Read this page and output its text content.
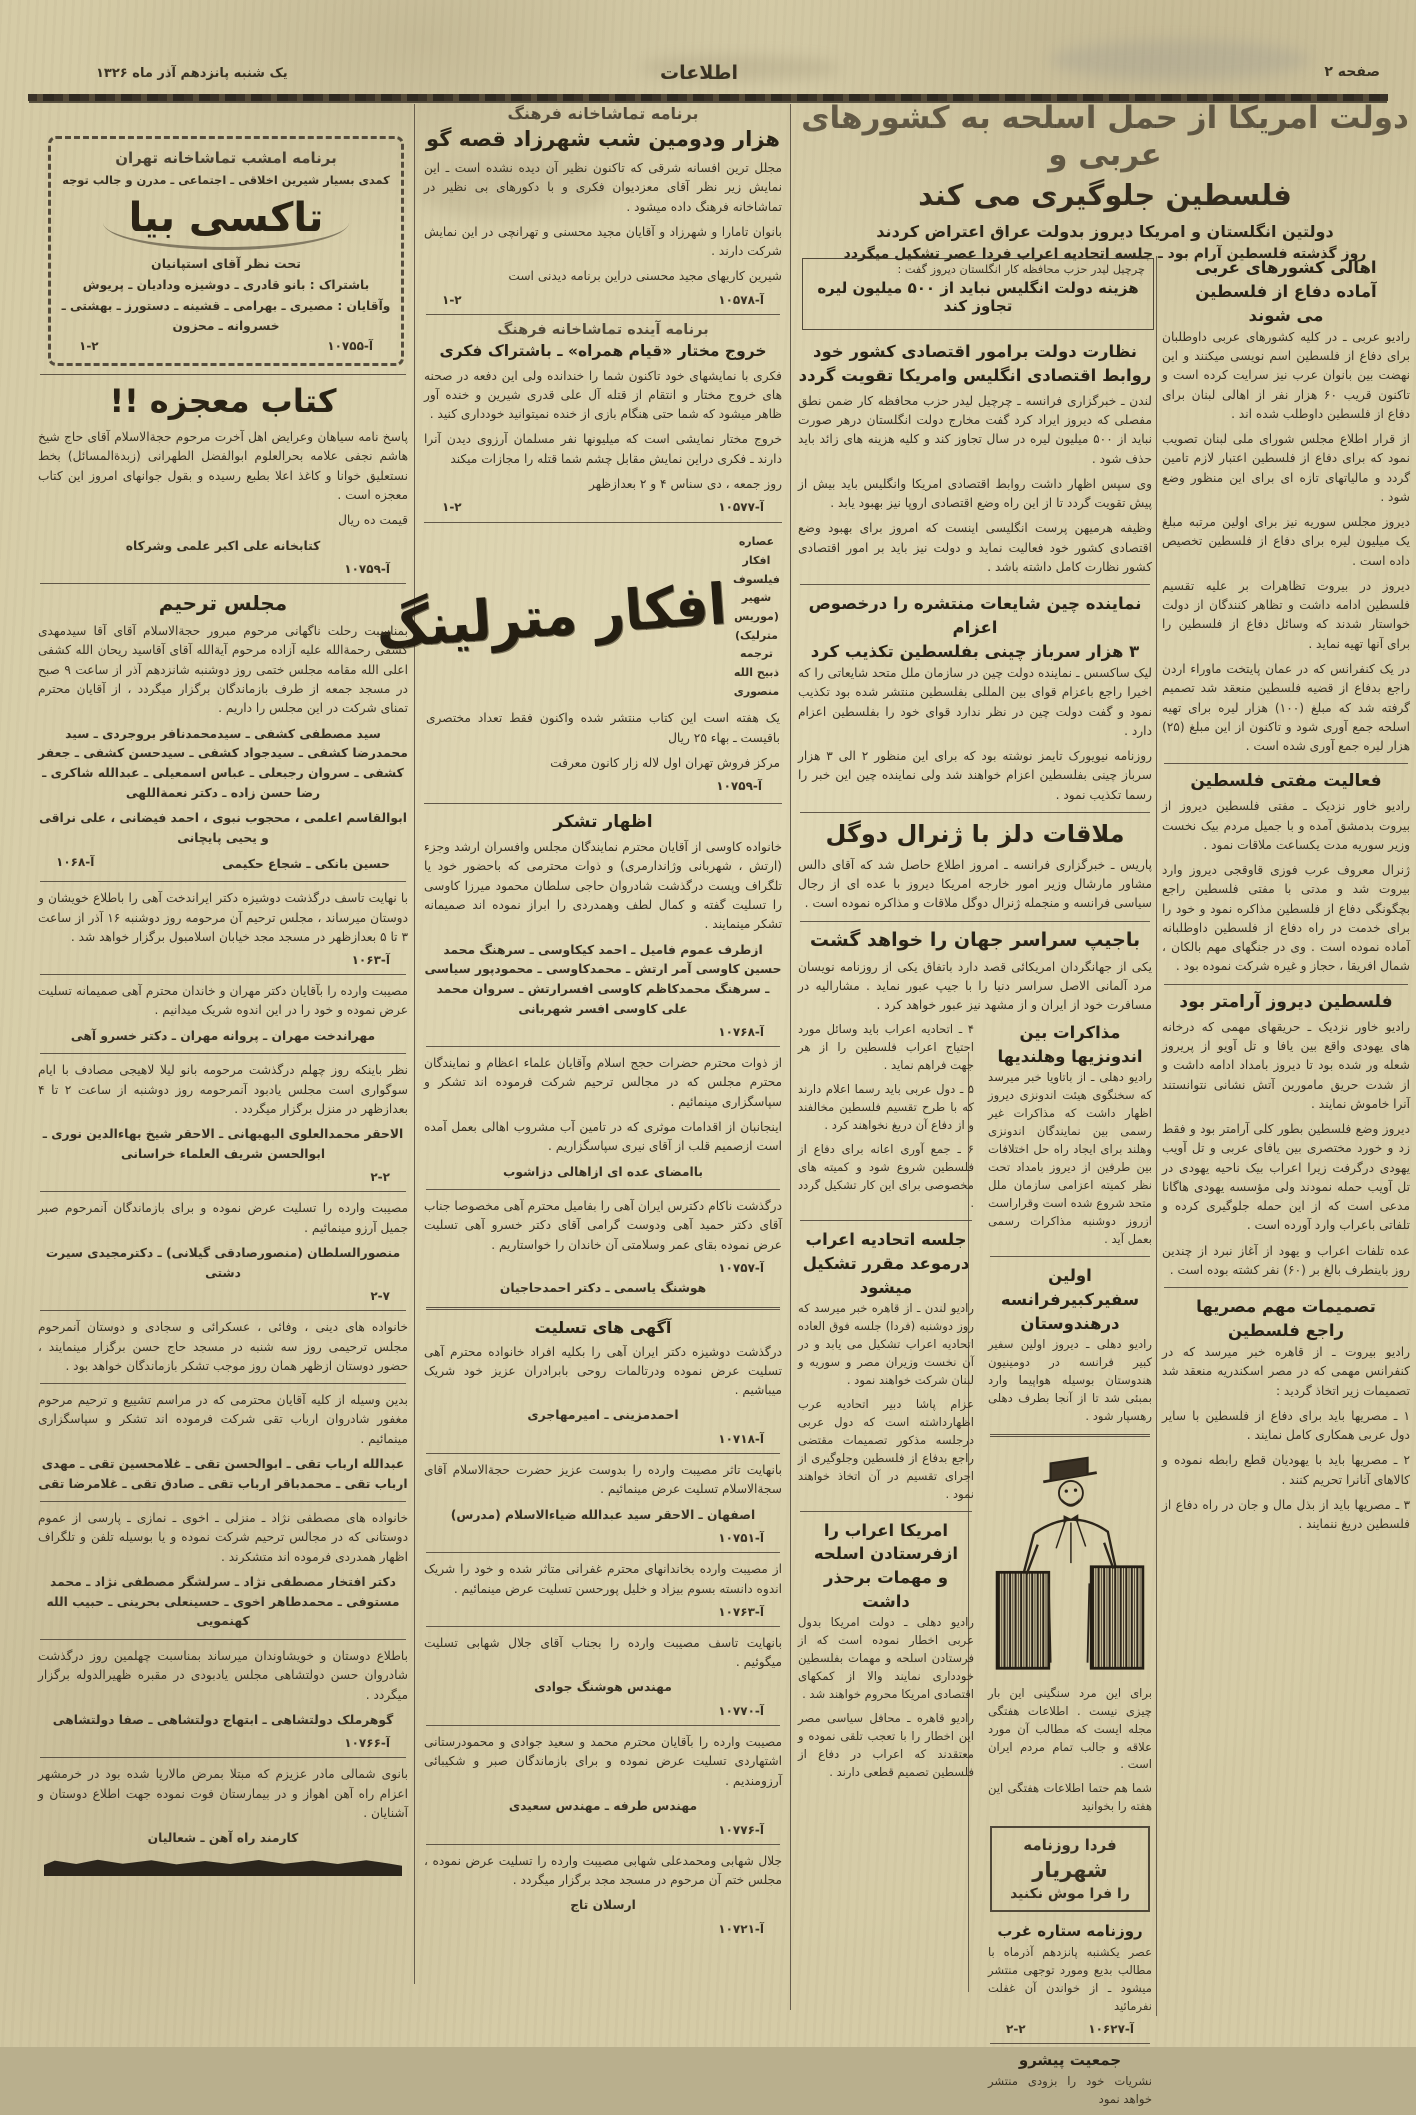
صفحه ۲
اطلاعات
یک شنبه پانزدهم آذر ماه ۱۳۲۶
دولت امریکا از حمل اسلحه به کشورهای عربی و
فلسطین جلوگیری می کند
دولتین انگلستان و امریکا دیروز بدولت عراق اعتراض کردند
روز گذشته فلسطین آرام بود ـ جلسه اتحادیه اعراب فردا عصر تشکیل میگردد
چرچیل لیدر حزب محافظه کار انگلستان دیروز گفت :
هزینه دولت انگلیس نباید از ۵۰۰ میلیون لیره تجاوز کند
اهالی کشورهای عربی
آماده دفاع از فلسطین
می شوند
رادیو عربی ـ در کلیه کشورهای عربی داوطلبان برای دفاع از فلسطین اسم نویسی میکنند و این نهضت بین بانوان عرب نیز سرایت کرده است و تاکنون قریب ۶۰ هزار نفر از اهالی لبنان برای دفاع از فلسطین داوطلب شده اند .
از قرار اطلاع مجلس شورای ملی لبنان تصویب نمود که برای دفاع از فلسطین اعتبار لازم تامین گردد و مالیاتهای تازه ای برای این منظور وضع شود .
دیروز مجلس سوریه نیز برای اولین مرتبه مبلغ یک میلیون لیره برای دفاع از فلسطین تخصیص داده است .
دیروز در بیروت تظاهرات بر علیه تقسیم فلسطین ادامه داشت و تظاهر کنندگان از دولت خواستار شدند که وسائل دفاع از فلسطین را برای آنها تهیه نماید .
در یک کنفرانس که در عمان پایتخت ماوراء اردن راجع بدفاع از قضیه فلسطین منعقد شد تصمیم گرفته شد که مبلغ (۱۰۰) هزار لیره برای تهیه اسلحه جمع آوری شود و تاکنون از این مبلغ (۲۵) هزار لیره جمع آوری شده است .
فعالیت مفتی فلسطین
رادیو خاور نزدیک ـ مفتی فلسطین دیروز از بیروت بدمشق آمده و با جمیل مردم بیک نخست وزیر سوریه مدت یکساعت ملاقات نمود .
ژنرال معروف عرب فوزی قاوقجی دیروز وارد بیروت شد و مدتی با مفتی فلسطین راجع بچگونگی دفاع از فلسطین مذاکره نمود و خود را برای خدمت در راه دفاع از فلسطین داوطلبانه آماده نموده است . وی در جنگهای مهم بالکان ، شمال افریقا ، حجاز و غیره شرکت نموده بود .
فلسطین دیروز آرامتر بود
رادیو خاور نزدیک ـ حریقهای مهمی که درخانه های یهودی واقع بین یافا و تل آویو از پریروز شعله ور شده بود تا دیروز بامداد ادامه داشت و از شدت حریق مامورین آتش نشانی نتوانستند آنرا خاموش نمایند .
دیروز وضع فلسطین بطور کلی آرامتر بود و فقط زد و خورد مختصری بین یافای عربی و تل آویب یهودی درگرفت زیرا اعراب بیک ناحیه یهودی در تل آویب حمله نمودند ولی مؤسسه یهودی هاگانا مدعی است که از این حمله جلوگیری کرده و تلفاتی باعراب وارد آورده است .
عده تلفات اعراب و یهود از آغاز نبرد از چندین روز باینطرف بالغ بر (۶۰) نفر کشته بوده است .
تصمیمات مهم مصریها
راجع فلسطین
رادیو بیروت ـ از قاهره خبر میرسد که در کنفرانس مهمی که در مصر اسکندریه منعقد شد تصمیمات زیر اتخاذ گردید :
۱ ـ مصریها باید برای دفاع از فلسطین با سایر دول عربی همکاری کامل نمایند .
۲ ـ مصریها باید با یهودیان قطع رابطه نموده و کالاهای آنانرا تحریم کنند .
۳ ـ مصریها باید از بذل مال و جان در راه دفاع از فلسطین دریغ ننمایند .
نظارت دولت برامور اقتصادی کشور خود
روابط اقتصادی انگلیس وامریکا تقویت گردد
لندن ـ خبرگزاری فرانسه ـ چرچیل لیدر حزب محافظه کار ضمن نطق مفصلی که دیروز ایراد کرد گفت مخارج دولت انگلستان درهر صورت نباید از ۵۰۰ میلیون لیره در سال تجاوز کند و کلیه هزینه های زائد باید حذف شود .
وی سپس اظهار داشت روابط اقتصادی امریکا وانگلیس باید بیش از پیش تقویت گردد تا از این راه وضع اقتصادی اروپا نیز بهبود یابد .
وظیفه هرمیهن پرست انگلیسی اینست که امروز برای بهبود وضع اقتصادی کشور خود فعالیت نماید و دولت نیز باید بر امور اقتصادی کشور نظارت کامل داشته باشد .
نماینده چین شایعات منتشره را درخصوص اعزام
۳ هزار سرباز چینی بفلسطین تکذیب کرد
لیک ساکسس ـ نماینده دولت چین در سازمان ملل متحد شایعاتی را که اخیرا راجع باعزام قوای بین المللی بفلسطین منتشر شده بود تکذیب نمود و گفت دولت چین در نظر ندارد قوای خود را بفلسطین اعزام دارد .
روزنامه نیویورک تایمز نوشته بود که برای این منظور ۲ الی ۳ هزار سرباز چینی بفلسطین اعزام خواهند شد ولی نماینده چین این خبر را رسما تکذیب نمود .
ملاقات دلز با ژنرال دوگل
پاریس ـ خبرگزاری فرانسه ـ امروز اطلاع حاصل شد که آقای دالس مشاور مارشال وزیر امور خارجه امریکا دیروز با عده ای از رجال سیاسی فرانسه و منجمله ژنرال دوگل ملاقات و مذاکره نموده است .
باجیپ سراسر جهان را خواهد گشت
یکی از جهانگردان امریکائی قصد دارد باتفاق یکی از روزنامه نویسان مرد آلمانی الاصل سراسر دنیا را با جیپ عبور نماید . مشارالیه در مسافرت خود از ایران و از مشهد نیز عبور خواهد کرد .
مذاکرات بین
اندونزیها وهلندیها
رادیو دهلی ـ از باتاویا خبر میرسد که سخنگوی هیئت اندونزی دیروز اظهار داشت که مذاکرات غیر رسمی بین نمایندگان اندونزی وهلند برای ایجاد راه حل اختلافات بین طرفین از دیروز بامداد تحت نظر کمیته اعزامی سازمان ملل متحد شروع شده است وقراراست ازروز دوشنبه مذاکرات رسمی بعمل آید .
اولین سفیرکبیرفرانسه
درهندوستان
رادیو دهلی ـ دیروز اولین سفیر کبیر فرانسه در دومینیون هندوستان بوسیله هواپیما وارد بمبئی شد تا از آنجا بطرف دهلی رهسپار شود .
برای این مرد سنگینی این بار چیزی نیست . اطلاعات هفتگی مجله ایست که مطالب آن مورد علاقه و جالب تمام مردم ایران است .
شما هم حتما اطلاعات هفتگی این هفته را بخوانید
فردا روزنامه
شهریار
را فرا موش نکنید
روزنامه ستاره غرب
عصر یکشنبه پانزدهم آذرماه با مطالب بدیع ومورد توجهی منتشر میشود ـ از خواندن آن غفلت نفرمائید
آ-۱۰۶۲۷
۲-۲
جمعیت پیشرو
نشریات خود را بزودی منتشر خواهد نمود
۴ ـ اتحادیه اعراب باید وسائل مورد احتیاج اعراب فلسطین را از هر جهت فراهم نماید .
۵ ـ دول عربی باید رسما اعلام دارند که با طرح تقسیم فلسطین مخالفند و از دفاع آن دریغ نخواهند کرد .
۶ ـ جمع آوری اعانه برای دفاع از فلسطین شروع شود و کمیته های مخصوصی برای این کار تشکیل گردد .
جلسه اتحادیه اعراب
درموعد مقرر تشکیل میشود
رادیو لندن ـ از قاهره خبر میرسد که روز دوشنبه (فردا) جلسه فوق العاده اتحادیه اعراب تشکیل می یابد و در آن نخست وزیران مصر و سوریه و لبنان شرکت خواهند نمود .
عزام پاشا دبیر اتحادیه عرب اظهارداشته است که دول عربی درجلسه مذکور تصمیمات مقتضی راجع بدفاع از فلسطین وجلوگیری از اجرای تقسیم در آن اتخاذ خواهند نمود .
امریکا اعراب را ازفرستادن اسلحه
و مهمات برحذر داشت
رادیو دهلی ـ دولت امریکا بدول عربی اخطار نموده است که از فرستادن اسلحه و مهمات بفلسطین خودداری نمایند والا از کمکهای اقتصادی امریکا محروم خواهند شد .
رادیو قاهره ـ محافل سیاسی مصر این اخطار را با تعجب تلقی نموده و معتقدند که اعراب در دفاع از فلسطین تصمیم قطعی دارند .
برنامه تماشاخانه فرهنگ
هزار ودومین شب شهرزاد قصه گو
مجلل ترین افسانه شرقی که تاکنون نظیر آن دیده نشده است ـ این نمایش زیر نظر آقای معزدیوان فکری و با دکورهای بی نظیر در تماشاخانه فرهنگ داده میشود .
بانوان تامارا و شهرزاد و آقایان مجید محسنی و تهرانچی در این نمایش شرکت دارند .
شیرین کاریهای مجید محسنی دراین برنامه دیدنی است
آ-۱۰۵۷۸
۱-۲
برنامه آینده تماشاخانه فرهنگ
خروج مختار «قیام همراه» ـ باشتراک فکری
فکری با نمایشهای خود تاکنون شما را خندانده ولی این دفعه در صحنه های خروج مختار و انتقام از قتله آل علی قدری شیرین و خنده آور ظاهر میشود که شما حتی هنگام بازی از خنده نمیتوانید خودداری کنید .
خروج مختار نمایشی است که میلیونها نفر مسلمان آرزوی دیدن آنرا دارند ـ فکری دراین نمایش مقابل چشم شما قتله را مجازات میکند
روز جمعه ، دی سناس ۴ و ۲ بعدازظهر
آ-۱۰۵۷۷
۱-۲
عصاره افکار فیلسوف شهیر
(موریس مترلیک)
ترجمه ذبیح الله
منصوری
افکار مترلینگ
یک هفته است این کتاب منتشر شده واکنون فقط تعداد مختصری باقیست ـ بهاء ۲۵ ریال
مرکز فروش تهران اول لاله زار کانون معرفت
آ-۱۰۷۵۹
اظهار تشکر
خانواده کاوسی از آقایان محترم نمایندگان مجلس وافسران ارشد وجزء (ارتش ، شهربانی وژاندارمری) و ذوات محترمی که باحضور خود یا تلگراف وپست درگذشت شادروان حاجی سلطان محمود میرزا کاوسی را تسلیت گفته و کمال لطف وهمدردی را ابراز نموده اند صمیمانه تشکر مینمایند .
ازطرف عموم فامیل ـ احمد کیکاوسی ـ سرهنگ محمد حسین کاوسی آمر ارتش ـ محمدکاوسی ـ محمودپور سیاسی ـ سرهنگ محمدکاظم کاوسی افسرارتش ـ سروان محمد علی کاوسی افسر شهربانی
آ-۱۰۷۶۸
از ذوات محترم حضرات حجج اسلام وآقایان علماء اعظام و نمایندگان محترم مجلس که در مجالس ترحیم شرکت فرموده اند تشکر و سپاسگزاری مینمائیم .
اینجانبان از اقدامات موثری که در تامین آب مشروب اهالی بعمل آمده است ازصمیم قلب از آقای نیری سپاسگزاریم .
باامضای عده ای ازاهالی دزاشوب
درگذشت ناکام دکترس ایران آهی را بفامیل محترم آهی مخصوصا جناب آقای دکتر حمید آهی ودوست گرامی آقای دکتر خسرو آهی تسلیت عرض نموده بقای عمر وسلامتی آن خاندان را خواستاریم .
آ-۱۰۷۵۷
هوشنگ یاسمی ـ دکتر احمدحاجیان
آگهی های تسلیت
درگذشت دوشیزه دکتر ایران آهی را بکلیه افراد خانواده محترم آهی تسلیت عرض نموده ودرتالمات روحی بابرادران عزیز خود شریک میباشیم .
احمدمزینی ـ امیرمهاجری
آ-۱۰۷۱۸
بانهایت تاثر مصیبت وارده را بدوست عزیز حضرت حجةالاسلام آقای سجةالاسلام تسلیت عرض مینمائیم .
اصفهان ـ الاحقر سید عبدالله ضیاءالاسلام (مدرس)
آ-۱۰۷۵۱
از مصیبت وارده بخاندانهای محترم غفرانی متاثر شده و خود را شریک اندوه دانسته بسوم بیزاد و خلیل پورحسن تسلیت عرض مینمائیم .
آ-۱۰۷۶۳
بانهایت تاسف مصیبت وارده را بجناب آقای جلال شهابی تسلیت میگوئیم .
مهندس هوشنگ جوادی
آ-۱۰۷۷۰
مصیبت وارده را بآقایان محترم محمد و سعید جوادی و محمودرستانی اشتهاردی تسلیت عرض نموده و برای بازماندگان صبر و شکیبائی آرزومندیم .
مهندس طرفه ـ مهندس سعیدی
آ-۱۰۷۷۶
جلال شهابی ومحمدعلی شهابی مصیبت وارده را تسلیت عرض نموده ، مجلس ختم آن مرحوم در مسجد مجد برگزار میگردد .
ارسلان تاج
آ-۱۰۷۲۱
برنامه امشب تماشاخانه تهران
کمدی بسیار شیرین اخلاقی ـ اجتماعی ـ مدرن و جالب توجه
تاکسی بیا
تحت نظر آقای استپانیان
باشتراک : بانو قادری ـ دوشیزه ودادیان ـ پریوش وآقایان : مصیری ـ بهرامی ـ قشینه ـ دستورز ـ بهشتی ـ خسروانه ـ محزون
آ-۱۰۷۵۵
۱-۲
کتاب معجزه !!
پاسخ نامه سیاهان وعرایض اهل آخرت مرحوم حجةالاسلام آقای حاج شیخ هاشم نجفی علامه بحرالعلوم ابوالفضل الطهرانی (زبدةالمسائل) بخط نستعلیق خوانا و کاغذ اعلا بطبع رسیده و بقول جوانهای امروز این کتاب معجزه است .
قیمت ده ریال
کتابخانه علی اکبر علمی وشرکاه
آ-۱۰۷۵۹
مجلس ترحیم
بمناسبت رحلت ناگهانی مرحوم مبرور حجةالاسلام آقای آقا سیدمهدی کشفی رحمةالله علیه آزاده مرحوم آیةالله آقای آقاسید ریحان الله کشفی اعلی الله مقامه مجلس ختمی روز دوشنبه شانزدهم آذر از ساعت ۹ صبح در مسجد جمعه از طرف بازماندگان برگزار میگردد ، از آقایان محترم تمنای شرکت در این مجلس را داریم .
سید مصطفی کشفی ـ سیدمحمدنافر بروجردی ـ سید محمدرضا کشفی ـ سیدجواد کشفی ـ سیدحسن کشفی ـ جعفر کشفی ـ سروان رجبعلی ـ عباس اسمعیلی ـ عبدالله شاکری ـ رضا حسن زاده ـ دکتر نعمةاللهی
ابوالقاسم اعلمی ، محجوب نبوی ، احمد فیضانی ، علی نراقی و یحیی پایچانی
حسین بانکی ـ شجاع حکیمی
آ-۱۰۶۸
با نهایت تاسف درگذشت دوشیزه دکتر ایراندخت آهی را باطلاع خویشان و دوستان میرساند ، مجلس ترحیم آن مرحومه روز دوشنبه ۱۶ آذر از ساعت ۳ تا ۵ بعدازظهر در مسجد مجد خیابان اسلامبول برگزار خواهد شد .
آ-۱۰۶۳
مصیبت وارده را بآقایان دکتر مهران و خاندان محترم آهی صمیمانه تسلیت عرض نموده و خود را در این اندوه شریک میدانیم .
مهراندخت مهران ـ پروانه مهران ـ دکتر خسرو آهی
نظر باینکه روز چهلم درگذشت مرحومه بانو لیلا لاهیجی مصادف با ایام سوگواری است مجلس یادبود آنمرحومه روز دوشنبه از ساعت ۲ تا ۴ بعدازظهر در منزل برگزار میگردد .
الاحقر محمدالعلوی البهبهانی ـ الاحقر شیخ بهاءالدین نوری ـ ابوالحسن شریف العلماء خراسانی
۲-۲
مصیبت وارده را تسلیت عرض نموده و برای بازماندگان آنمرحوم صبر جمیل آرزو مینمائیم .
منصورالسلطان (منصورصادقی گیلانی) ـ دکترمجیدی سیرت دشتی
۲-۷
خانواده های دینی ، وفائی ، عسکرائی و سجادی و دوستان آنمرحوم مجلس ترحیمی روز سه شنبه در مسجد حاج حسن برگزار مینمایند ، حضور دوستان ازظهر همان روز موجب تشکر بازماندگان خواهد بود .
بدین وسیله از کلیه آقایان محترمی که در مراسم تشییع و ترحیم مرحوم مغفور شادروان ارباب تقی شرکت فرموده اند تشکر و سپاسگزاری مینمائیم .
عبدالله ارباب تقی ـ ابوالحسن تقی ـ غلامحسین تقی ـ مهدی ارباب تقی ـ محمدباقر ارباب تقی ـ صادق تقی ـ غلامرضا تقی
خانواده های مصطفی نژاد ـ منزلی ـ اخوی ـ نمازی ـ پارسی از عموم دوستانی که در مجالس ترحیم شرکت نموده و یا بوسیله تلفن و تلگراف اظهار همدردی فرموده اند متشکرند .
دکتر افتخار مصطفی نژاد ـ سرلشگر مصطفی نژاد ـ محمد مستوفی ـ محمدطاهر اخوی ـ حسینعلی بحرینی ـ حبیب الله کهنمویی
باطلاع دوستان و خویشاوندان میرساند بمناسبت چهلمین روز درگذشت شادروان حسن دولتشاهی مجلس یادبودی در مقبره ظهیرالدوله برگزار میگردد .
گوهرملک دولتشاهی ـ ابتهاج دولتشاهی ـ صفا دولتشاهی
آ-۱۰۷۶۶
بانوی شمالی مادر عزیزم که مبتلا بمرض مالاریا شده بود در خرمشهر اعزام راه آهن اهواز و در بیمارستان فوت نموده جهت اطلاع دوستان و آشنایان .
کارمند راه آهن ـ شعالیان
